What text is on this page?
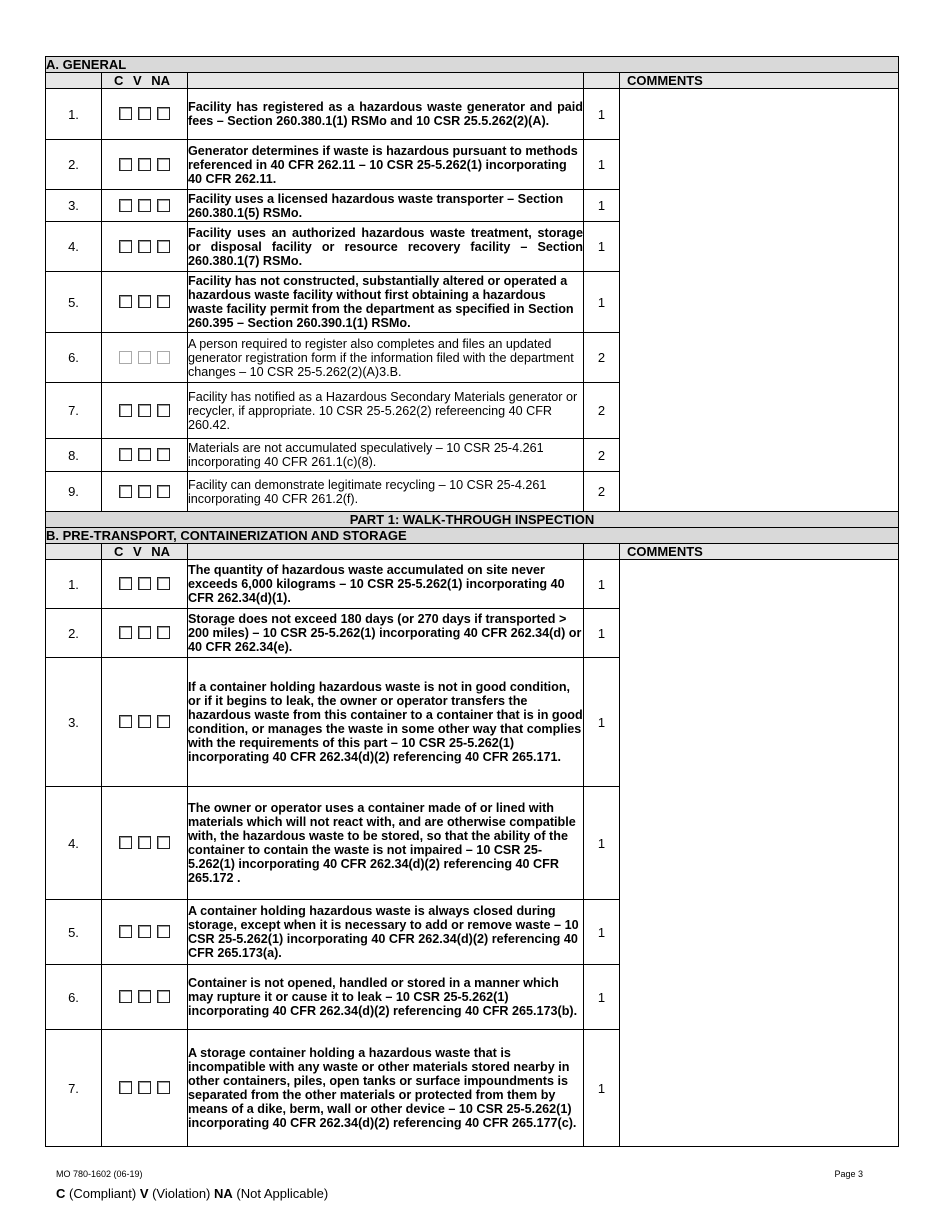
A. GENERAL				
	C V NA			COMMENTS
1.		Facility has registered as a hazardous waste generator and paid fees – Section 260.380.1(1) RSMo and 10 CSR 25.5.262(2)(A).	1	
2.		Generator determines if waste is hazardous pursuant to methods referenced in 40 CFR 262.11 – 10 CSR 25-5.262(1) incorporating 40 CFR 262.11.	1	
3.		Facility uses a licensed hazardous waste transporter – Section 260.380.1(5) RSMo.	1	
4.		Facility uses an authorized hazardous waste treatment, storage or disposal facility or resource recovery facility – Section 260.380.1(7) RSMo.	1	
5.		Facility has not constructed, substantially altered or operated a hazardous waste facility without first obtaining a hazardous waste facility permit from the department as specified in Section 260.395 – Section 260.390.1(1) RSMo.	1	
6.		A person required to register also completes and files an updated generator registration form if the information filed with the department changes – 10 CSR 25-5.262(2)(A)3.B.	2	
7.		Facility has notified as a Hazardous Secondary Materials generator or recycler, if appropriate. 10 CSR 25-5.262(2) refereencing 40 CFR 260.42.	2	
8.		Materials are not accumulated speculatively – 10 CSR 25-4.261 incorporating 40 CFR 261.1(c)(8).	2	
9.		Facility can demonstrate legitimate recycling – 10 CSR 25-4.261 incorporating 40 CFR 261.2(f).	2	
PART 1: WALK-THROUGH INSPECTION				
B. PRE-TRANSPORT, CONTAINERIZATION AND STORAGE				
	C V NA			COMMENTS
1.		The quantity of hazardous waste accumulated on site never exceeds 6,000 kilograms – 10 CSR 25-5.262(1) incorporating 40 CFR 262.34(d)(1).	1	
2.		Storage does not exceed 180 days (or 270 days if transported > 200 miles) – 10 CSR 25-5.262(1) incorporating 40 CFR 262.34(d) or 40 CFR 262.34(e).	1	
3.		If a container holding hazardous waste is not in good condition, or if it begins to leak, the owner or operator transfers the hazardous waste from this container to a container that is in good condition, or manages the waste in some other way that complies with the requirements of this part – 10 CSR 25-5.262(1) incorporating 40 CFR 262.34(d)(2) referencing 40 CFR 265.171.	1	
4.		The owner or operator uses a container made of or lined with materials which will not react with, and are otherwise compatible with, the hazardous waste to be stored, so that the ability of the container to contain the waste is not impaired – 10 CSR 25-5.262(1) incorporating 40 CFR 262.34(d)(2) referencing 40 CFR 265.172 .	1	
5.		A container holding hazardous waste is always closed during storage, except when it is necessary to add or remove waste – 10 CSR 25-5.262(1) incorporating 40 CFR 262.34(d)(2) referencing 40 CFR 265.173(a).	1	
6.		Container is not opened, handled or stored in a manner which may rupture it or cause it to leak – 10 CSR 25-5.262(1) incorporating 40 CFR 262.34(d)(2) referencing 40 CFR 265.173(b).	1	
7.		A storage container holding a hazardous waste that is incompatible with any waste or other materials stored nearby in other containers, piles, open tanks or surface impoundments is separated from the other materials or protected from them by means of a dike, berm, wall or other device – 10 CSR 25-5.262(1) incorporating 40 CFR 262.34(d)(2) referencing 40 CFR 265.177(c).	1	
MO 780-1602 (06-19)	Page 3
C (Compliant) V (Violation) NA (Not Applicable)
